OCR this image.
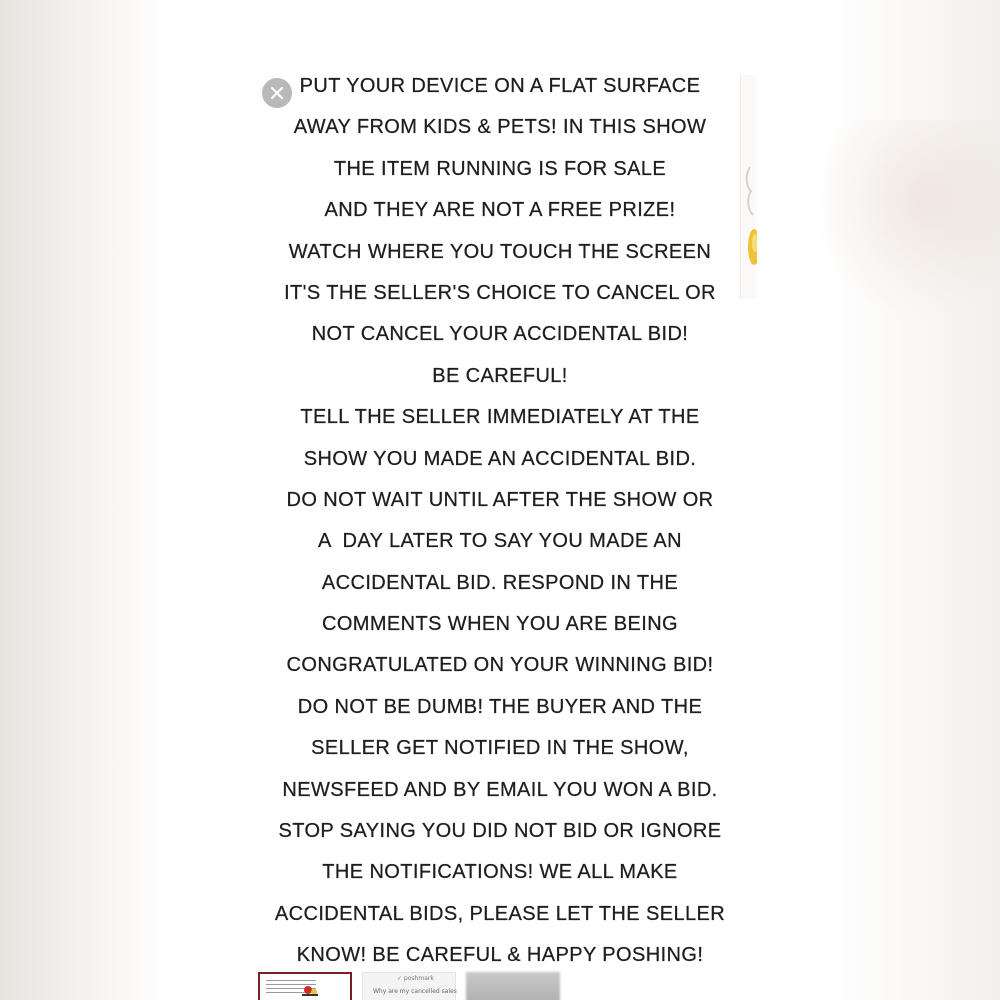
PUT YOUR DEVICE ON A FLAT SURFACE
AWAY FROM KIDS & PETS! IN THIS SHOW
THE ITEM RUNNING IS FOR SALE
AND THEY ARE NOT A FREE PRIZE!
WATCH WHERE YOU TOUCH THE SCREEN
IT'S THE SELLER'S CHOICE TO CANCEL OR
NOT CANCEL YOUR ACCIDENTAL BID!
BE CAREFUL!
TELL THE SELLER IMMEDIATELY AT THE
SHOW YOU MADE AN ACCIDENTAL BID.
DO NOT WAIT UNTIL AFTER THE SHOW OR
A  DAY LATER TO SAY YOU MADE AN
ACCIDENTAL BID. RESPOND IN THE
COMMENTS WHEN YOU ARE BEING
CONGRATULATED ON YOUR WINNING BID!
DO NOT BE DUMB! THE BUYER AND THE
SELLER GET NOTIFIED IN THE SHOW,
NEWSFEED AND BY EMAIL YOU WON A BID.
STOP SAYING YOU DID NOT BID OR IGNORE
THE NOTIFICATIONS! WE ALL MAKE
ACCIDENTAL BIDS, PLEASE LET THE SELLER
KNOW! BE CAREFUL & HAPPY POSHING!
✓ poshmark
Why are my cancelled sales
